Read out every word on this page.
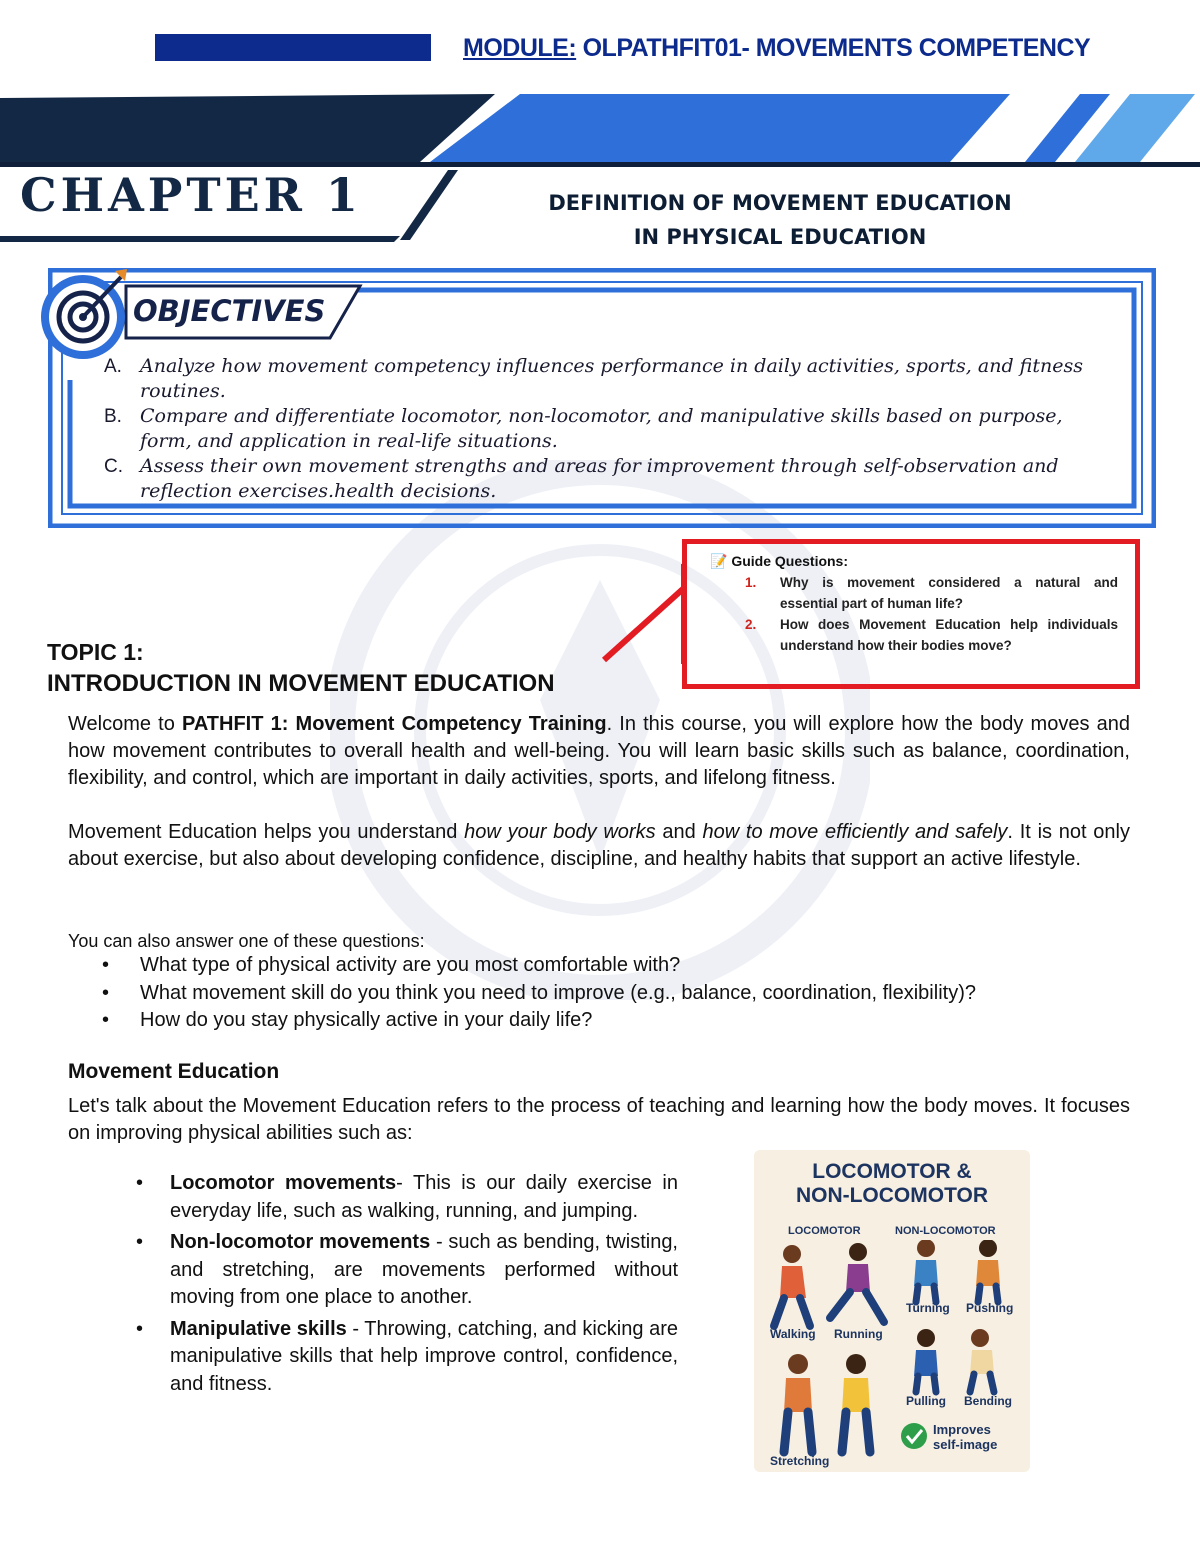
MODULE: OLPATHFIT01- MOVEMENTS COMPETENCY
CHAPTER 1	DEFINITION OF MOVEMENT EDUCATION
IN PHYSICAL EDUCATION
OBJECTIVES
A. Analyze how movement competency influences performance in daily activities, sports, and fitness routines.
B. Compare and differentiate locomotor, non-locomotor, and manipulative skills based on purpose, form, and application in real-life situations.
C. Assess their own movement strengths and areas for improvement through self-observation and reflection exercises.health decisions.
📝 Guide Questions:
1. Why is movement considered a natural and essential part of human life?
2. How does Movement Education help individuals understand how their bodies move?
TOPIC 1:
INTRODUCTION IN MOVEMENT EDUCATION
Welcome to PATHFIT 1: Movement Competency Training. In this course, you will explore how the body moves and how movement contributes to overall health and well-being. You will learn basic skills such as balance, coordination, flexibility, and control, which are important in daily activities, sports, and lifelong fitness.
Movement Education helps you understand how your body works and how to move efficiently and safely. It is not only about exercise, but also about developing confidence, discipline, and healthy habits that support an active lifestyle.
You can also answer one of these questions:
• What type of physical activity are you most comfortable with?
• What movement skill do you think you need to improve (e.g., balance, coordination, flexibility)?
• How do you stay physically active in your daily life?
Movement Education
Let's talk about the Movement Education refers to the process of teaching and learning how the body moves. It focuses on improving physical abilities such as:
• Locomotor movements- This is our daily exercise in everyday life, such as walking, running, and jumping.
• Non-locomotor movements - such as bending, twisting, and stretching, are movements performed without moving from one place to another.
• Manipulative skills - Throwing, catching, and kicking are manipulative skills that help improve control, confidence, and fitness.
LOCOMOTOR &
NON-LOCOMOTOR
LOCOMOTOR	NON-LOCOMOTOR
Walking Running
Turning Pushing
Pulling Bending
Stretching
Improves
self-image
